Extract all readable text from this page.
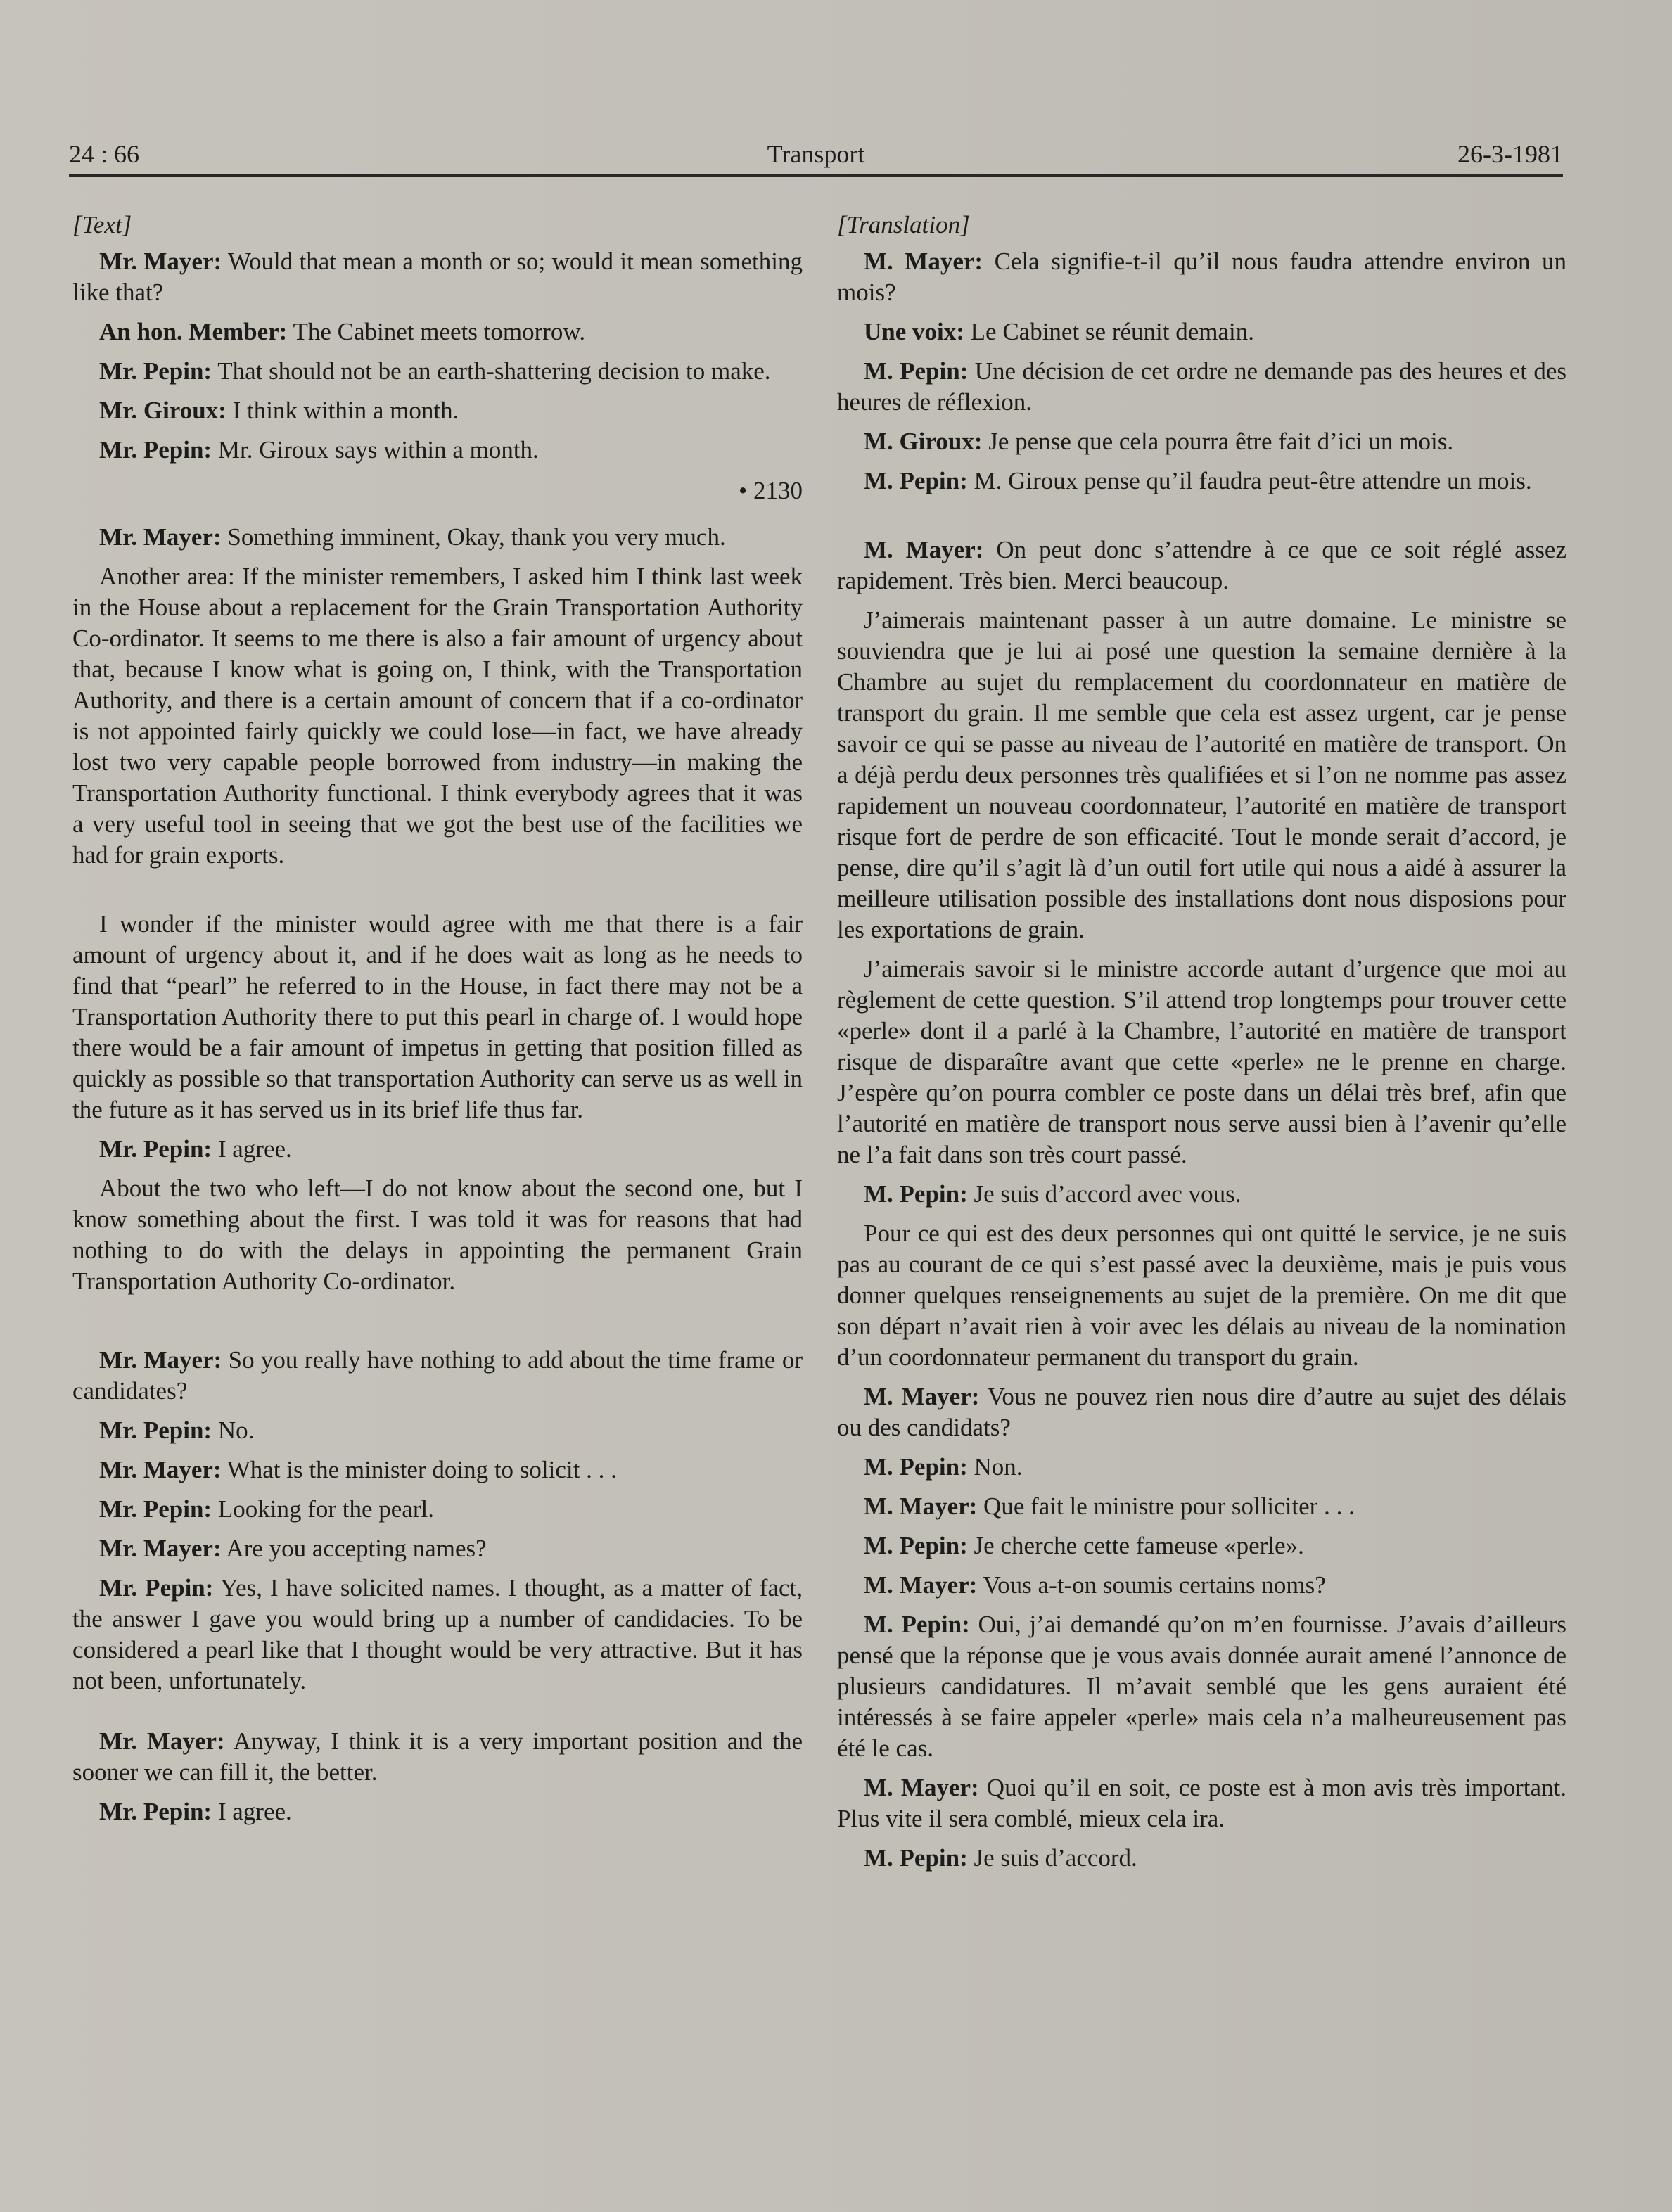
24 : 66	Transport	26-3-1981

[Text]

Mr. Mayer: Would that mean a month or so; would it mean something like that?

An hon. Member: The Cabinet meets tomorrow.

Mr. Pepin: That should not be an earth-shattering decision to make.

Mr. Giroux: I think within a month.

Mr. Pepin: Mr. Giroux says within a month.

• 2130

Mr. Mayer: Something imminent, Okay, thank you very much.

Another area: If the minister remembers, I asked him I think last week in the House about a replacement for the Grain Transportation Authority Co-ordinator. It seems to me there is also a fair amount of urgency about that, because I know what is going on, I think, with the Transportation Authority, and there is a certain amount of concern that if a co-ordinator is not appointed fairly quickly we could lose—in fact, we have already lost two very capable people borrowed from industry—in making the Transportation Authority functional. I think everybody agrees that it was a very useful tool in seeing that we got the best use of the facilities we had for grain exports.

I wonder if the minister would agree with me that there is a fair amount of urgency about it, and if he does wait as long as he needs to find that “pearl” he referred to in the House, in fact there may not be a Transportation Authority there to put this pearl in charge of. I would hope there would be a fair amount of impetus in getting that position filled as quickly as possible so that transportation Authority can serve us as well in the future as it has served us in its brief life thus far.

Mr. Pepin: I agree.

About the two who left—I do not know about the second one, but I know something about the first. I was told it was for reasons that had nothing to do with the delays in appointing the permanent Grain Transportation Authority Co-ordinator.

Mr. Mayer: So you really have nothing to add about the time frame or candidates?

Mr. Pepin: No.

Mr. Mayer: What is the minister doing to solicit . . .

Mr. Pepin: Looking for the pearl.

Mr. Mayer: Are you accepting names?

Mr. Pepin: Yes, I have solicited names. I thought, as a matter of fact, the answer I gave you would bring up a number of candidacies. To be considered a pearl like that I thought would be very attractive. But it has not been, unfortunately.

Mr. Mayer: Anyway, I think it is a very important position and the sooner we can fill it, the better.

Mr. Pepin: I agree.

[Translation]

M. Mayer: Cela signifie-t-il qu’il nous faudra attendre environ un mois?

Une voix: Le Cabinet se réunit demain.

M. Pepin: Une décision de cet ordre ne demande pas des heures et des heures de réflexion.

M. Giroux: Je pense que cela pourra être fait d’ici un mois.

M. Pepin: M. Giroux pense qu’il faudra peut-être attendre un mois.

M. Mayer: On peut donc s’attendre à ce que ce soit réglé assez rapidement. Très bien. Merci beaucoup.

J’aimerais maintenant passer à un autre domaine. Le ministre se souviendra que je lui ai posé une question la semaine dernière à la Chambre au sujet du remplacement du coordonnateur en matière de transport du grain. Il me semble que cela est assez urgent, car je pense savoir ce qui se passe au niveau de l’autorité en matière de transport. On a déjà perdu deux personnes très qualifiées et si l’on ne nomme pas assez rapidement un nouveau coordonnateur, l’autorité en matière de transport risque fort de perdre de son efficacité. Tout le monde serait d’accord, je pense, dire qu’il s’agit là d’un outil fort utile qui nous a aidé à assurer la meilleure utilisation possible des installations dont nous disposions pour les exportations de grain.

J’aimerais savoir si le ministre accorde autant d’urgence que moi au règlement de cette question. S’il attend trop longtemps pour trouver cette «perle» dont il a parlé à la Chambre, l’autorité en matière de transport risque de disparaître avant que cette «perle» ne le prenne en charge. J’espère qu’on pourra combler ce poste dans un délai très bref, afin que l’autorité en matière de transport nous serve aussi bien à l’avenir qu’elle ne l’a fait dans son très court passé.

M. Pepin: Je suis d’accord avec vous.

Pour ce qui est des deux personnes qui ont quitté le service, je ne suis pas au courant de ce qui s’est passé avec la deuxième, mais je puis vous donner quelques renseignements au sujet de la première. On me dit que son départ n’avait rien à voir avec les délais au niveau de la nomination d’un coordonnateur permanent du transport du grain.

M. Mayer: Vous ne pouvez rien nous dire d’autre au sujet des délais ou des candidats?

M. Pepin: Non.

M. Mayer: Que fait le ministre pour solliciter . . .

M. Pepin: Je cherche cette fameuse «perle».

M. Mayer: Vous a-t-on soumis certains noms?

M. Pepin: Oui, j’ai demandé qu’on m’en fournisse. J’avais d’ailleurs pensé que la réponse que je vous avais donnée aurait amené l’annonce de plusieurs candidatures. Il m’avait semblé que les gens auraient été intéressés à se faire appeler «perle» mais cela n’a malheureusement pas été le cas.

M. Mayer: Quoi qu’il en soit, ce poste est à mon avis très important. Plus vite il sera comblé, mieux cela ira.

M. Pepin: Je suis d’accord.
